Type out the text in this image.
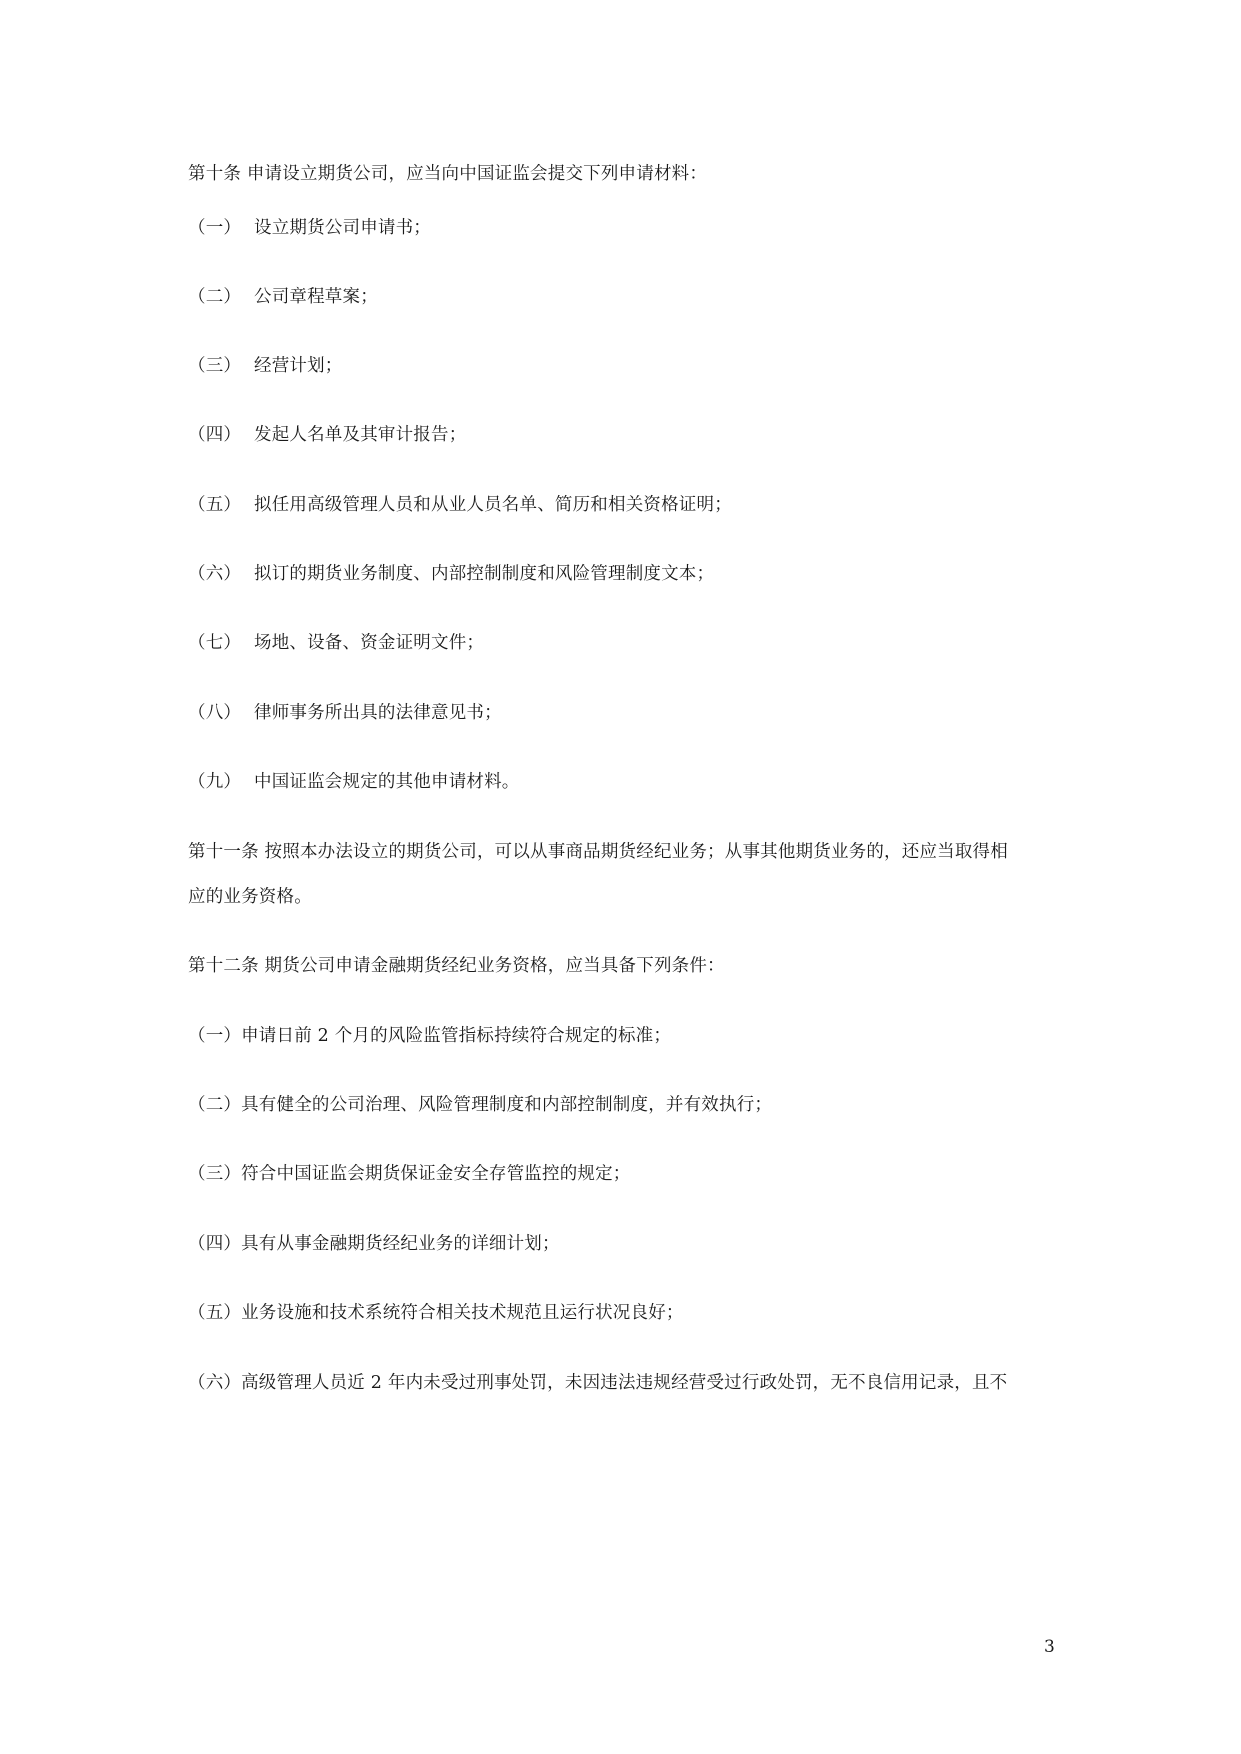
第十条 申请设立期货公司，应当向中国证监会提交下列申请材料：
（一） 设立期货公司申请书；
（二） 公司章程草案；
（三） 经营计划；
（四） 发起人名单及其审计报告；
（五） 拟任用高级管理人员和从业人员名单、简历和相关资格证明；
（六） 拟订的期货业务制度、内部控制制度和风险管理制度文本；
（七） 场地、设备、资金证明文件；
（八） 律师事务所出具的法律意见书；
（九） 中国证监会规定的其他申请材料。
第十一条 按照本办法设立的期货公司，可以从事商品期货经纪业务；从事其他期货业务的，还应当取得相
应的业务资格。
第十二条 期货公司申请金融期货经纪业务资格，应当具备下列条件：
（一）申请日前 2 个月的风险监管指标持续符合规定的标准；
（二）具有健全的公司治理、风险管理制度和内部控制制度，并有效执行；
（三）符合中国证监会期货保证金安全存管监控的规定；
（四）具有从事金融期货经纪业务的详细计划；
（五）业务设施和技术系统符合相关技术规范且运行状况良好；
（六）高级管理人员近 2 年内未受过刑事处罚，未因违法违规经营受过行政处罚，无不良信用记录，且不
3
